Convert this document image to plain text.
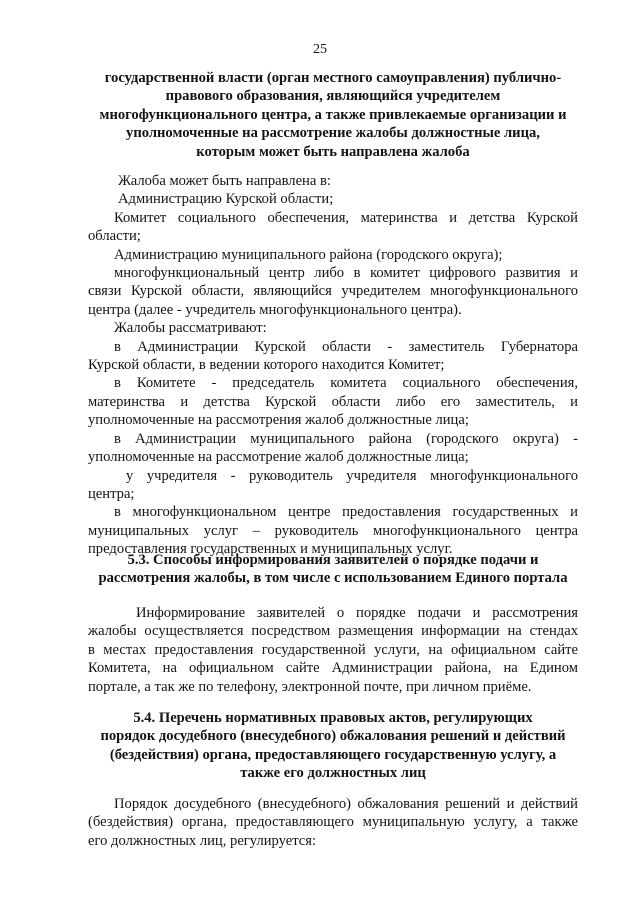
25
государственной власти (орган местного самоуправления) публично-
правового образования, являющийся учредителем
многофункционального центра, а также привлекаемые организации и
уполномоченные на рассмотрение жалобы должностные лица,
которым может быть направлена жалоба
Жалоба может быть направлена в:
Администрацию Курской области;
Комитет социального обеспечения, материнства и детства Курской
области;
Администрацию муниципального района (городского округа);
многофункциональный центр либо в комитет цифрового развития и
связи Курской области, являющийся учредителем многофункционального
центра (далее - учредитель многофункционального центра).
Жалобы рассматривают:
в Администрации Курской области - заместитель Губернатора
Курской области, в ведении которого находится Комитет;
в Комитете - председатель комитета социального обеспечения,
материнства и детства Курской области либо его заместитель, и
уполномоченные на рассмотрения жалоб должностные лица;
в Администрации муниципального района (городского округа) -
уполномоченные на рассмотрение жалоб должностные лица;
у учредителя - руководитель учредителя многофункционального
центра;
в многофункциональном центре предоставления государственных и
муниципальных услуг – руководитель многофункционального центра
предоставления государственных и муниципальных услуг.
5.3. Способы информирования заявителей о порядке подачи и
рассмотрения жалобы, в том числе с использованием Единого портала
Информирование заявителей о порядке подачи и рассмотрения
жалобы осуществляется посредством размещения информации на стендах
в местах предоставления государственной услуги, на официальном сайте
Комитета, на официальном сайте Администрации района, на Едином
портале, а так же по телефону, электронной почте, при личном приёме.
5.4. Перечень нормативных правовых актов, регулирующих
порядок досудебного (внесудебного) обжалования решений и действий
(бездействия) органа, предоставляющего государственную услугу, а
также его должностных лиц
Порядок досудебного (внесудебного) обжалования решений и действий
(бездействия) органа, предоставляющего муниципальную услугу, а также
его должностных лиц, регулируется:
